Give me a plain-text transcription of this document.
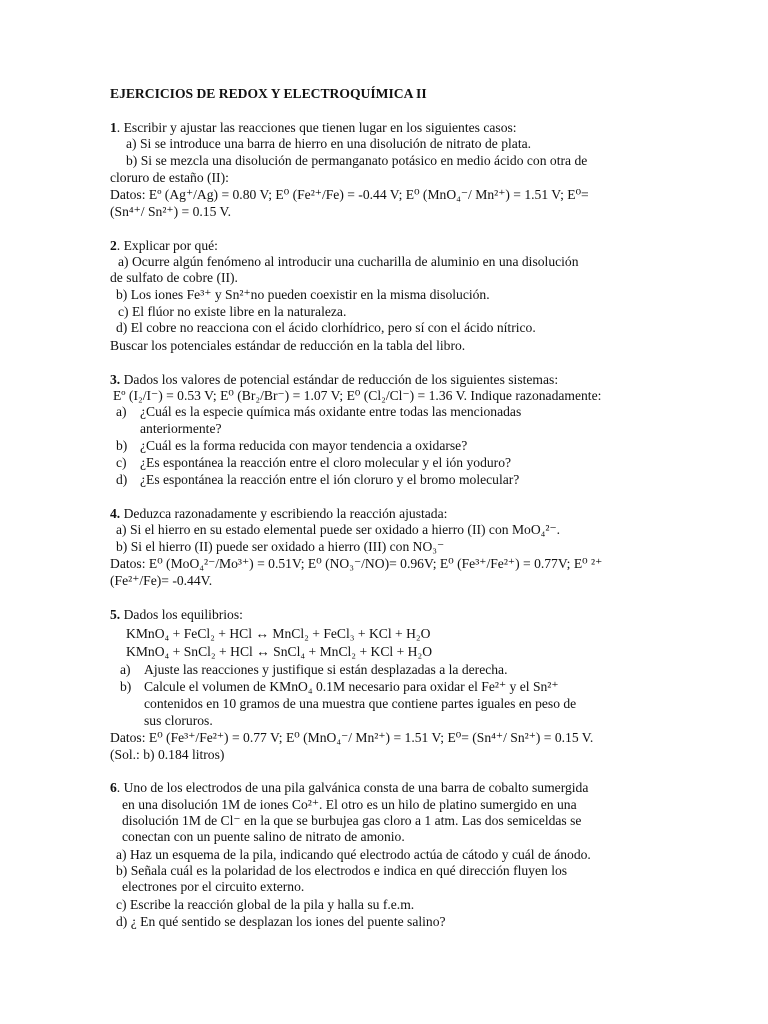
EJERCICIOS DE REDOX Y ELECTROQUÍMICA II
1. Escribir y ajustar las reacciones que tienen lugar en los siguientes casos:
a) Si se introduce una barra de hierro en una disolución de nitrato de plata.
b) Si se mezcla una disolución de permanganato potásico en medio ácido con otra de
cloruro de estaño (II):
Datos: Eº (Ag⁺/Ag) = 0.80 V; E⁰ (Fe²⁺/Fe) = -0.44 V; E⁰ (MnO₄⁻/ Mn²⁺) = 1.51 V; E⁰=
(Sn⁴⁺/ Sn²⁺) = 0.15 V.
2. Explicar por qué:
a) Ocurre algún fenómeno al introducir una cucharilla de aluminio en una disolución
de sulfato de cobre (II).
b) Los iones Fe³⁺ y Sn²⁺no pueden coexistir en la misma disolución.
c) El flúor no existe libre en la naturaleza.
d) El cobre no reacciona con el ácido clorhídrico, pero sí con el ácido nítrico.
Buscar los potenciales estándar de reducción en la tabla del libro.
3. Dados los valores de potencial estándar de reducción de los siguientes sistemas:
Eº (I₂/I⁻) = 0.53 V; E⁰ (Br₂/Br⁻) = 1.07 V; E⁰ (Cl₂/Cl⁻) = 1.36 V. Indique razonadamente:
a) ¿Cuál es la especie química más oxidante entre todas las mencionadas
anteriormente?
b) ¿Cuál es la forma reducida con mayor tendencia a oxidarse?
c) ¿Es espontánea la reacción entre el cloro molecular y el ión yoduro?
d) ¿Es espontánea la reacción entre el ión cloruro y el bromo molecular?
4. Deduzca razonadamente y escribiendo la reacción ajustada:
a) Si el hierro en su estado elemental puede ser oxidado a hierro (II) con MoO₄²⁻.
b) Si el hierro (II) puede ser oxidado a hierro (III) con NO₃⁻
Datos: E⁰ (MoO₄²⁻/Mo³⁺) = 0.51V; E⁰ (NO₃⁻/NO)= 0.96V; E⁰ (Fe³⁺/Fe²⁺) = 0.77V; E⁰ ²⁺
(Fe²⁺/Fe)= -0.44V.
5. Dados los equilibrios:
KMnO₄ + FeCl₂ + HCl ↔ MnCl₂ + FeCl₃ + KCl + H₂O
KMnO₄ + SnCl₂ + HCl ↔ SnCl₄ + MnCl₂ + KCl + H₂O
a) Ajuste las reacciones y justifique si están desplazadas a la derecha.
b) Calcule el volumen de KMnO₄ 0.1M necesario para oxidar el Fe²⁺ y el Sn²⁺
contenidos en 10 gramos de una muestra que contiene partes iguales en peso de
sus cloruros.
Datos: E⁰ (Fe³⁺/Fe²⁺) = 0.77 V; E⁰ (MnO₄⁻/ Mn²⁺) = 1.51 V; E⁰= (Sn⁴⁺/ Sn²⁺) = 0.15 V.
(Sol.: b) 0.184 litros)
6. Uno de los electrodos de una pila galvánica consta de una barra de cobalto sumergida
en una disolución 1M de iones Co²⁺. El otro es un hilo de platino sumergido en una
disolución 1M de Cl⁻ en la que se burbujea gas cloro a 1 atm. Las dos semiceldas se
conectan con un puente salino de nitrato de amonio.
a) Haz un esquema de la pila, indicando qué electrodo actúa de cátodo y cuál de ánodo.
b) Señala cuál es la polaridad de los electrodos e indica en qué dirección fluyen los
electrones por el circuito externo.
c) Escribe la reacción global de la pila y halla su f.e.m.
d) ¿ En qué sentido se desplazan los iones del puente salino?
